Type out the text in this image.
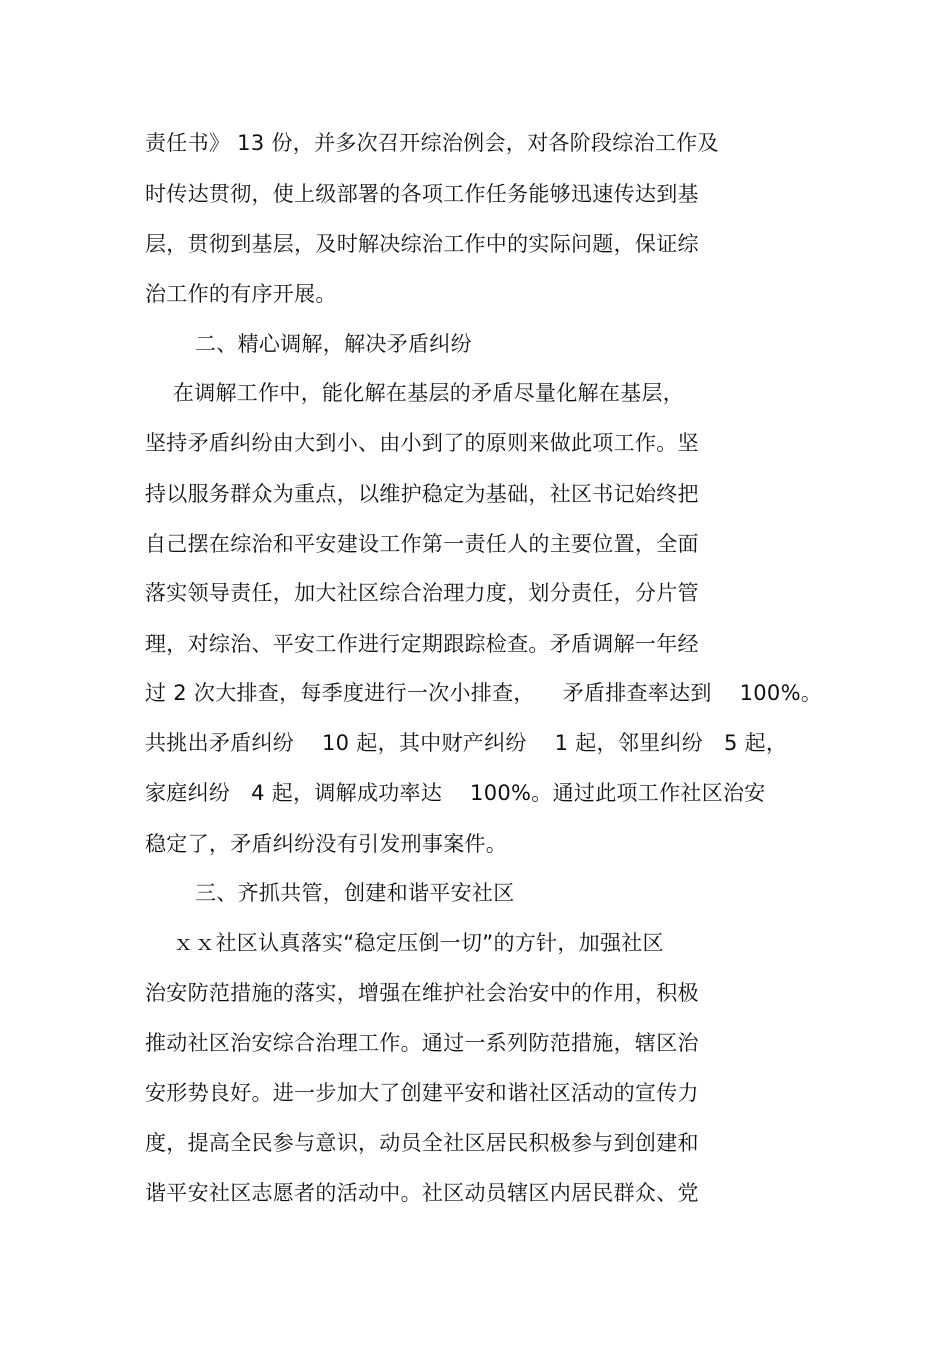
责任书》 13 份，并多次召开综治例会，对各阶段综治工作及
时传达贯彻，使上级部署的各项工作任务能够迅速传达到基
层，贯彻到基层，及时解决综治工作中的实际问题，保证综
治工作的有序开展。
二、精心调解，解决矛盾纠纷
在调解工作中，能化解在基层的矛盾尽量化解在基层，
坚持矛盾纠纷由大到小、由小到了的原则来做此项工作。坚
持以服务群众为重点，以维护稳定为基础，社区书记始终把
自己摆在综治和平安建设工作第一责任人的主要位置，全面
落实领导责任，加大社区综合治理力度，划分责任，分片管
理，对综治、平安工作进行定期跟踪检查。矛盾调解一年经
过 2 次大排查，每季度进行一次小排查，    矛盾排查率达到    100%。
共挑出矛盾纠纷    10 起，其中财产纠纷    1 起，邻里纠纷   5 起，
家庭纠纷   4 起，调解成功率达    100%。通过此项工作社区治安
稳定了，矛盾纠纷没有引发刑事案件。
三、齐抓共管，创建和谐平安社区
ｘｘ社区认真落实“稳定压倒一切”的方针，加强社区
治安防范措施的落实，增强在维护社会治安中的作用，积极
推动社区治安综合治理工作。通过一系列防范措施，辖区治
安形势良好。进一步加大了创建平安和谐社区活动的宣传力
度，提高全民参与意识，动员全社区居民积极参与到创建和
谐平安社区志愿者的活动中。社区动员辖区内居民群众、党
